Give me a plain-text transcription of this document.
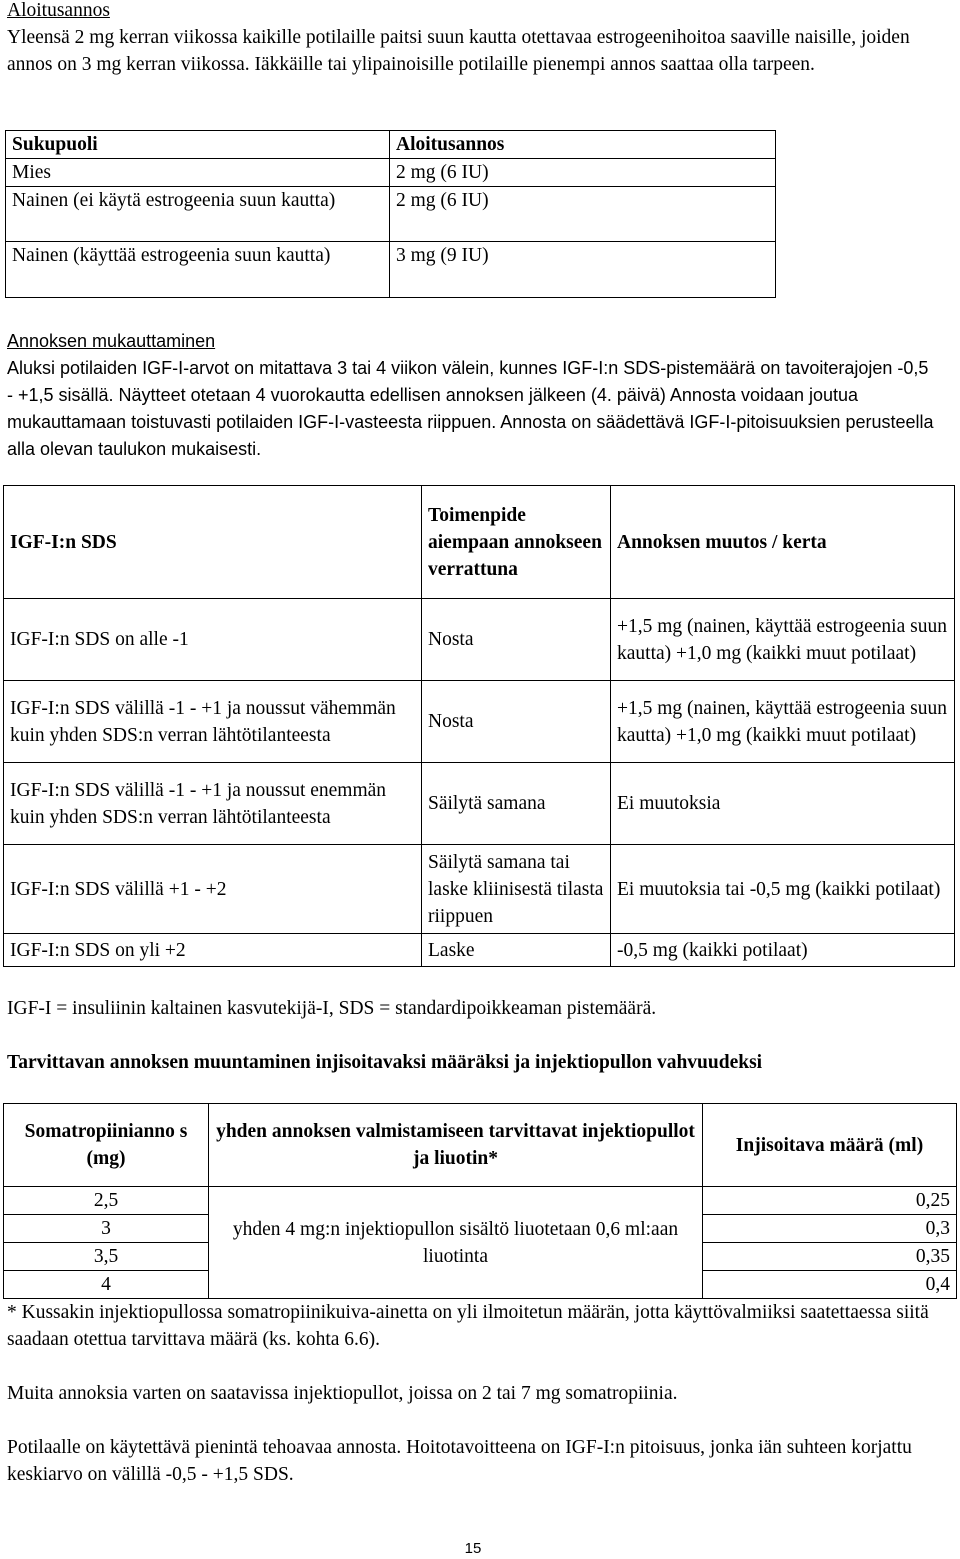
Aloitusannos

Yleensä 2 mg kerran viikossa kaikille potilaille paitsi suun kautta otettavaa estrogeenihoitoa saaville naisille, joiden annos on 3 mg kerran viikossa. Iäkkäille tai ylipainoisille potilaille pienempi annos saattaa olla tarpeen.

Sukupuoli	Aloitusannos
Mies	2 mg (6 IU)
Nainen (ei käytä estrogeenia suun kautta)	2 mg (6 IU)
Nainen (käyttää estrogeenia suun kautta)	3 mg (9 IU)

Annoksen mukauttaminen

Aluksi potilaiden IGF-I-arvot on mitattava 3 tai 4 viikon välein, kunnes IGF-I:n SDS-pistemäärä on tavoiterajojen -0,5 - +1,5 sisällä. Näytteet otetaan 4 vuorokautta edellisen annoksen jälkeen (4. päivä) Annosta voidaan joutua mukauttamaan toistuvasti potilaiden IGF-I-vasteesta riippuen. Annosta on säädettävä IGF-I-pitoisuuksien perusteella alla olevan taulukon mukaisesti.

IGF-I:n SDS	Toimenpide aiempaan annokseen verrattuna	Annoksen muutos / kerta
IGF-I:n SDS on alle -1	Nosta	+1,5 mg (nainen, käyttää estrogeenia suun kautta) +1,0 mg (kaikki muut potilaat)
IGF-I:n SDS välillä -1 - +1 ja noussut vähemmän kuin yhden SDS:n verran lähtötilanteesta	Nosta	+1,5 mg (nainen, käyttää estrogeenia suun kautta) +1,0 mg (kaikki muut potilaat)
IGF-I:n SDS välillä -1 - +1 ja noussut enemmän kuin yhden SDS:n verran lähtötilanteesta	Säilytä samana	Ei muutoksia
IGF-I:n SDS välillä +1 - +2	Säilytä samana tai laske kliinisestä tilasta riippuen	Ei muutoksia tai -0,5 mg (kaikki potilaat)
IGF-I:n SDS on yli +2	Laske	-0,5 mg (kaikki potilaat)

IGF-I = insuliinin kaltainen kasvutekijä-I, SDS = standardipoikkeaman pistemäärä.

Tarvittavan annoksen muuntaminen injisoitavaksi määräksi ja injektiopullon vahvuudeksi

Somatropiinianno s (mg)	yhden annoksen valmistamiseen tarvittavat injektiopullot ja liuotin*	Injisoitava määrä (ml)
2,5	yhden 4 mg:n injektiopullon sisältö liuotetaan 0,6 ml:aan liuotinta	0,25
3		0,3
3,5		0,35
4		0,4

* Kussakin injektiopullossa somatropiinikuiva-ainetta on yli ilmoitetun määrän, jotta käyttövalmiiksi saatettaessa siitä saadaan otettua tarvittava määrä (ks. kohta 6.6).

Muita annoksia varten on saatavissa injektiopullot, joissa on 2 tai 7 mg somatropiinia.

Potilaalle on käytettävä pienintä tehoavaa annosta. Hoitotavoitteena on IGF-I:n pitoisuus, jonka iän suhteen korjattu keskiarvo on välillä -0,5 - +1,5 SDS.

15
